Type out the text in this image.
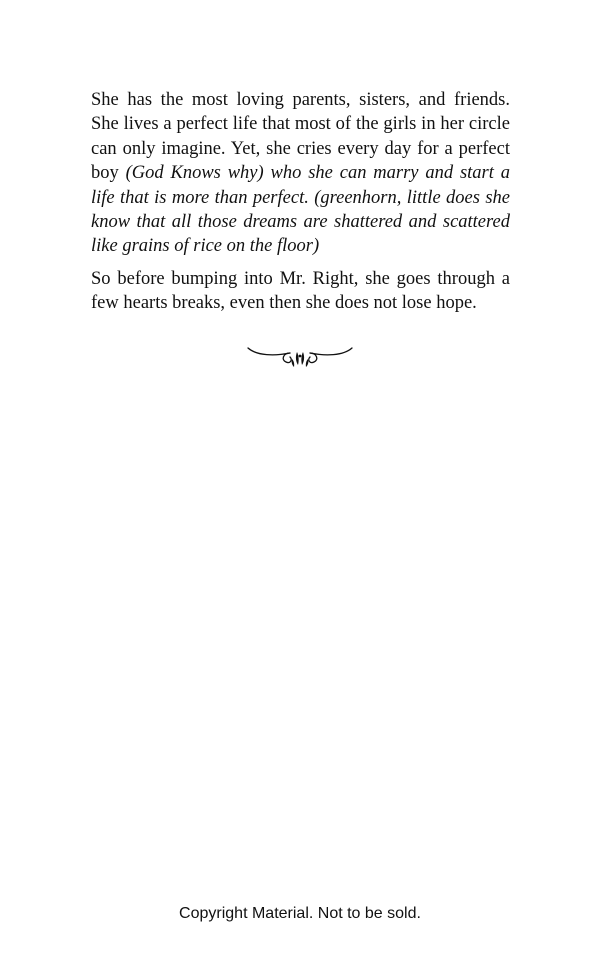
She has the most loving parents, sisters, and friends. She lives a perfect life that most of the girls in her circle can only imagine. Yet, she cries every day for a perfect boy (God Knows why) who she can marry and start a life that is more than perfect. (greenhorn, little does she know that all those dreams are shattered and scattered like grains of rice on the floor)

So before bumping into Mr. Right, she goes through a few hearts breaks, even then she does not lose hope.

Copyright Material. Not to be sold.
